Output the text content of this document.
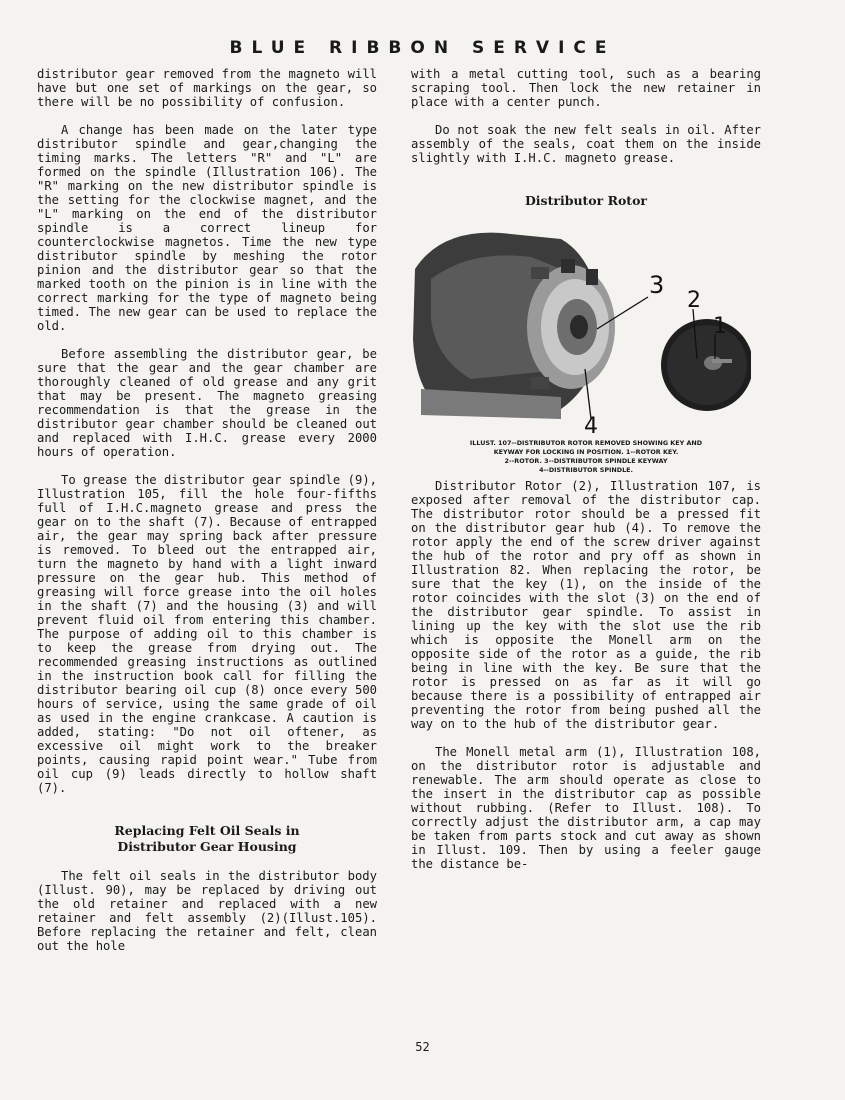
BLUE RIBBON SERVICE

distributor gear removed from the magneto will have but one set of markings on the gear, so there will be no possibility of confusion.

A change has been made on the later type distributor spindle and gear,changing the timing marks. The letters "R" and "L" are formed on the spindle (Illustration 106). The "R" marking on the new distributor spindle is the setting for the clockwise magnet, and the "L" marking on the end of the distributor spindle is a correct lineup for counterclockwise magnetos. Time the new type distributor spindle by meshing the rotor pinion and the distributor gear so that the marked tooth on the pinion is in line with the correct marking for the type of magneto being timed. The new gear can be used to replace the old.

Before assembling the distributor gear, be sure that the gear and the gear chamber are thoroughly cleaned of old grease and any grit that may be present. The magneto greasing recommendation is that the grease in the distributor gear chamber should be cleaned out and replaced with I.H.C. grease every 2000 hours of operation.

To grease the distributor gear spindle (9), Illustration 105, fill the hole four-fifths full of I.H.C.magneto grease and press the gear on to the shaft (7). Because of entrapped air, the gear may spring back after pressure is removed. To bleed out the entrapped air, turn the magneto by hand with a light inward pressure on the gear hub. This method of greasing will force grease into the oil holes in the shaft (7) and the housing (3) and will prevent fluid oil from entering this chamber. The purpose of adding oil to this chamber is to keep the grease from drying out. The recommended greasing instructions as outlined in the instruction book call for filling the distributor bearing oil cup (8) once every 500 hours of service, using the same grade of oil as used in the engine crankcase. A caution is added, stating: "Do not oil oftener, as excessive oil might work to the breaker points, causing rapid point wear." Tube from oil cup (9) leads directly to hollow shaft (7).

Replacing Felt Oil Seals in

Distributor Gear Housing

The felt oil seals in the distributor body (Illust. 90), may be replaced by driving out the old retainer and replaced with a new retainer and felt assembly (2)(Illust.105). Before replacing the retainer and felt, clean out the hole

with a metal cutting tool, such as a bearing scraping tool. Then lock the new retainer in place with a center punch.

Do not soak the new felt seals in oil. After assembly of the seals, coat them on the inside slightly with I.H.C. magneto grease.

Distributor Rotor

3
2
1
4

ILLUST. 107--DISTRIBUTOR ROTOR REMOVED SHOWING KEY AND

KEYWAY FOR LOCKING IN POSITION. 1--ROTOR KEY.

2--ROTOR. 3--DISTRIBUTOR SPINDLE KEYWAY

4--DISTRIBUTOR SPINDLE.

Distributor Rotor (2), Illustration 107, is exposed after removal of the distributor cap. The distributor rotor should be a pressed fit on the distributor gear hub (4). To remove the rotor apply the end of the screw driver against the hub of the rotor and pry off as shown in Illustration 82. When replacing the rotor, be sure that the key (1), on the inside of the rotor coincides with the slot (3) on the end of the distributor gear spindle. To assist in lining up the key with the slot use the rib which is opposite the Monell arm on the opposite side of the rotor as a guide, the rib being in line with the key. Be sure that the rotor is pressed on as far as it will go because there is a possibility of entrapped air preventing the rotor from being pushed all the way on to the hub of the distributor gear.

The Monell metal arm (1), Illustration 108, on the distributor rotor is adjustable and renewable. The arm should operate as close to the insert in the distributor cap as possible without rubbing. (Refer to Illust. 108). To correctly adjust the distributor arm, a cap may be taken from parts stock and cut away as shown in Illust. 109. Then by using a feeler gauge the distance be-

52
